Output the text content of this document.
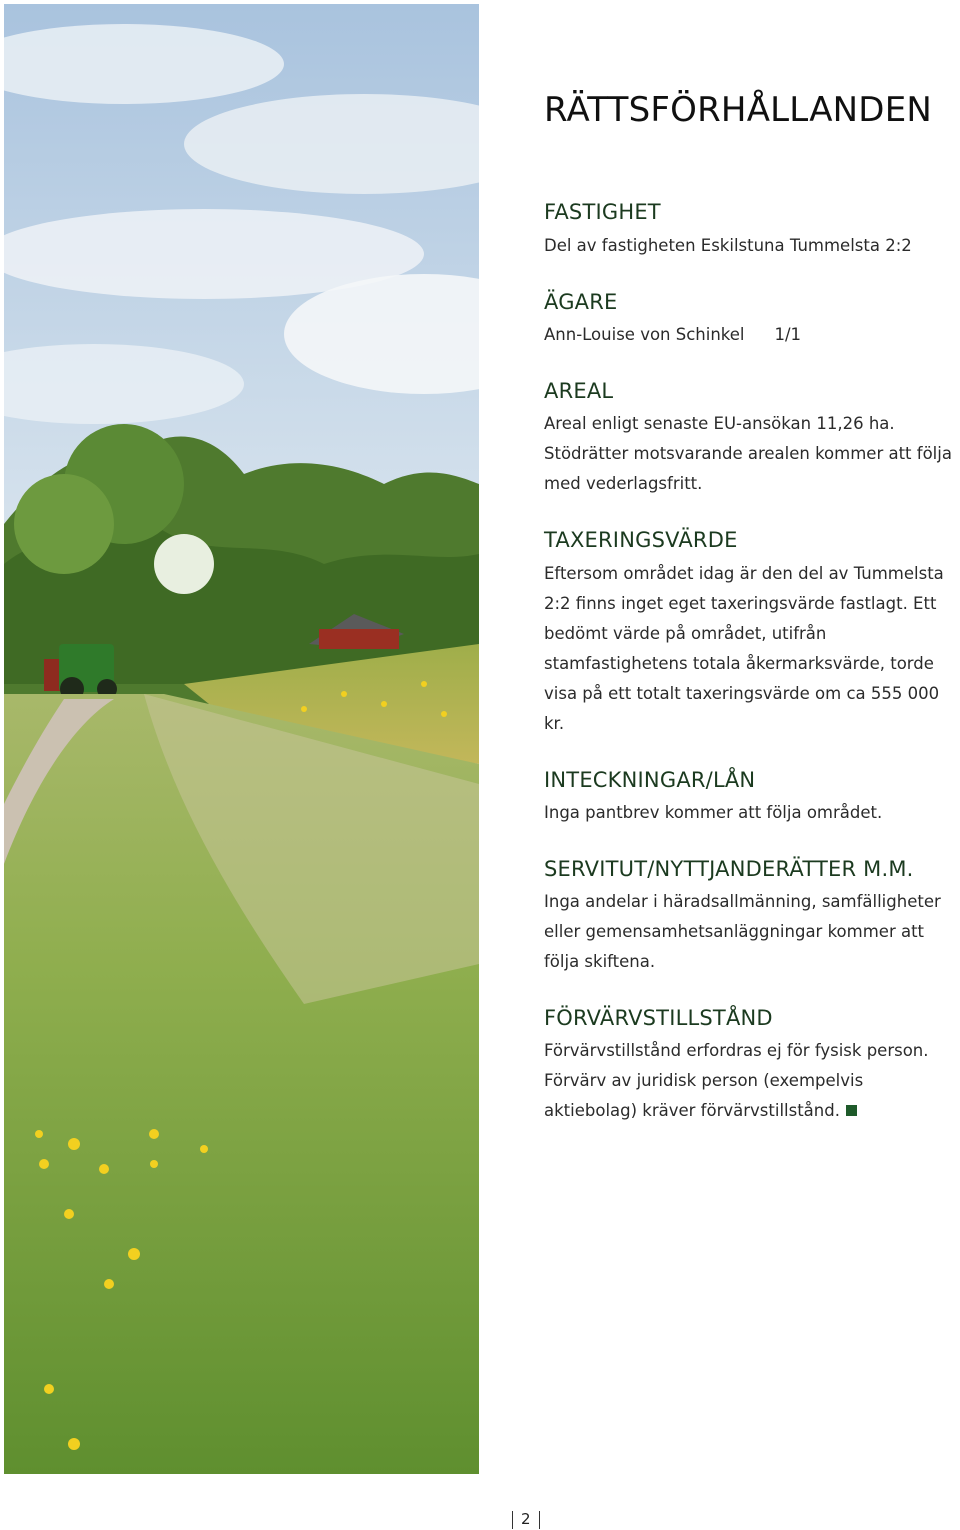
RÄTTSFÖRHÅLLANDEN
FASTIGHET

Del av fastigheten Eskilstuna Tummelsta 2:2

ÄGARE

Ann-Louise von Schinkel 1/1

AREAL

Areal enligt senaste EU-ansökan 11,26 ha. Stödrätter motsvarande arealen kommer att följa med vederlagsfritt.

TAXERINGSVÄRDE

Eftersom området idag är den del av Tummelsta 2:2 finns inget eget taxeringsvärde fastlagt. Ett bedömt värde på området, utifrån stamfastighetens totala åkermarksvärde, torde visa på ett totalt taxeringsvärde om ca 555 000 kr.

INTECKNINGAR/LÅN

Inga pantbrev kommer att följa området.

SERVITUT/NYTTJANDERÄTTER M.M.

Inga andelar i häradsallmänning, samfälligheter eller gemensamhetsanläggningar kommer att följa skiftena.

FÖRVÄRVSTILLSTÅND

Förvärvstillstånd erfordras ej för fysisk person. Förvärv av juridisk person (exempelvis aktiebolag) kräver förvärvstillstånd.

2
